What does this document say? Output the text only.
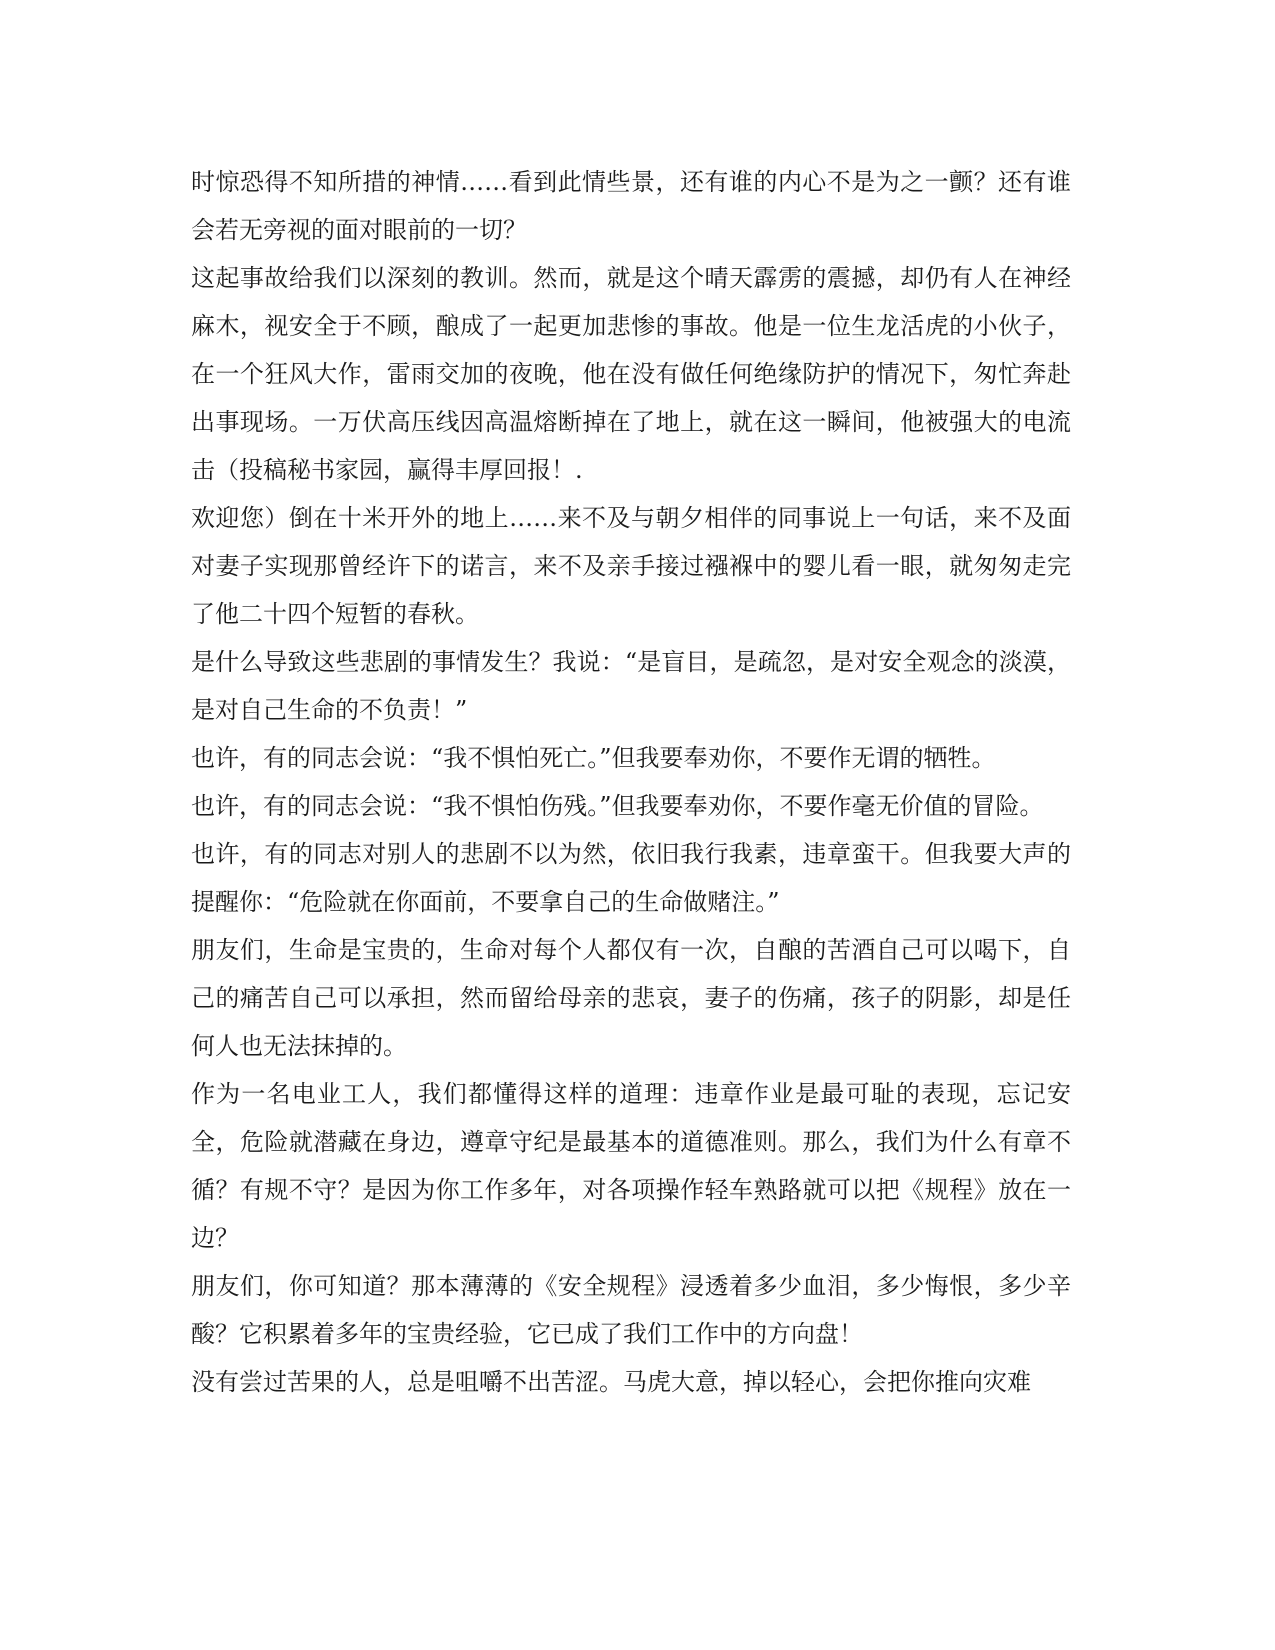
时惊恐得不知所措的神情……看到此情些景，还有谁的内心不是为之一颤？还有谁会若无旁视的面对眼前的一切？

这起事故给我们以深刻的教训。然而，就是这个晴天霹雳的震撼，却仍有人在神经麻木，视安全于不顾，酿成了一起更加悲惨的事故。他是一位生龙活虎的小伙子，在一个狂风大作，雷雨交加的夜晚，他在没有做任何绝缘防护的情况下，匆忙奔赴出事现场。一万伏高压线因高温熔断掉在了地上，就在这一瞬间，他被强大的电流击（投稿秘书家园，赢得丰厚回报！.

欢迎您）倒在十米开外的地上……来不及与朝夕相伴的同事说上一句话，来不及面对妻子实现那曾经许下的诺言，来不及亲手接过襁褓中的婴儿看一眼，就匆匆走完了他二十四个短暂的春秋。

是什么导致这些悲剧的事情发生？我说：“是盲目，是疏忽，是对安全观念的淡漠，是对自己生命的不负责！”

也许，有的同志会说：“我不惧怕死亡。”但我要奉劝你，不要作无谓的牺牲。

也许，有的同志会说：“我不惧怕伤残。”但我要奉劝你，不要作毫无价值的冒险。

也许，有的同志对别人的悲剧不以为然，依旧我行我素，违章蛮干。但我要大声的提醒你：“危险就在你面前，不要拿自己的生命做赌注。”

朋友们，生命是宝贵的，生命对每个人都仅有一次，自酿的苦酒自己可以喝下，自己的痛苦自己可以承担，然而留给母亲的悲哀，妻子的伤痛，孩子的阴影，却是任何人也无法抹掉的。

作为一名电业工人，我们都懂得这样的道理：违章作业是最可耻的表现，忘记安全，危险就潜藏在身边，遵章守纪是最基本的道德准则。那么，我们为什么有章不循？有规不守？是因为你工作多年，对各项操作轻车熟路就可以把《规程》放在一边？

朋友们，你可知道？那本薄薄的《安全规程》浸透着多少血泪，多少悔恨，多少辛酸？它积累着多年的宝贵经验，它已成了我们工作中的方向盘！

没有尝过苦果的人，总是咀嚼不出苦涩。马虎大意，掉以轻心，会把你推向灾难
